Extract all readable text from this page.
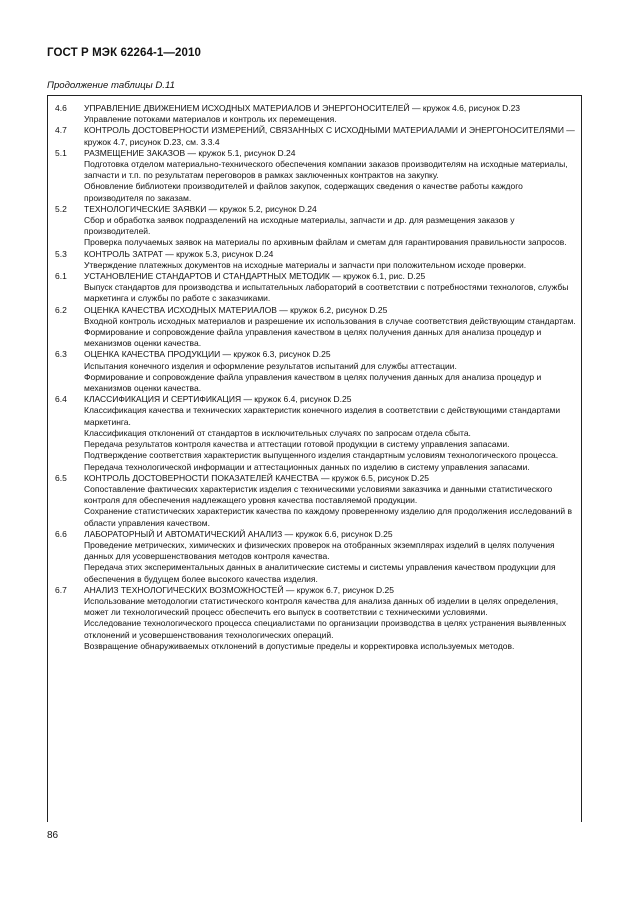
ГОСТ Р МЭК 62264-1—2010
Продолжение таблицы D.11
4.6	УПРАВЛЕНИЕ ДВИЖЕНИЕМ ИСХОДНЫХ МАТЕРИАЛОВ И ЭНЕРГОНОСИТЕЛЕЙ — кружок 4.6, рисунок D.23

Управление потоками материалов и контроль их перемещения.

4.7	КОНТРОЛЬ ДОСТОВЕРНОСТИ ИЗМЕРЕНИЙ, СВЯЗАННЫХ С ИСХОДНЫМИ МАТЕРИАЛАМИ И ЭНЕРГОНОСИТЕЛЯМИ — кружок 4.7, рисунок D.23, см. 3.3.4

5.1	РАЗМЕЩЕНИЕ ЗАКАЗОВ — кружок 5.1, рисунок D.24

Подготовка отделом материально-технического обеспечения компании заказов производителям на исходные материалы, запчасти и т.п. по результатам переговоров в рамках заключенных контрактов на закупку.

Обновление библиотеки производителей и файлов закупок, содержащих сведения о качестве работы каждого производителя по заказам.

5.2	ТЕХНОЛОГИЧЕСКИЕ ЗАЯВКИ — кружок 5.2, рисунок D.24

Сбор и обработка заявок подразделений на исходные материалы, запчасти и др. для размещения заказов у производителей.

Проверка получаемых заявок на материалы по архивным файлам и сметам для гарантирования правильности запросов.

5.3	КОНТРОЛЬ ЗАТРАТ — кружок 5.3, рисунок D.24

Утверждение платежных документов на исходные материалы и запчасти при положительном исходе проверки.

6.1	УСТАНОВЛЕНИЕ СТАНДАРТОВ И СТАНДАРТНЫХ МЕТОДИК — кружок 6.1, рис. D.25

Выпуск стандартов для производства и испытательных лабораторий в соответствии с потребностями технологов, службы маркетинга и службы по работе с заказчиками.

6.2	ОЦЕНКА КАЧЕСТВА ИСХОДНЫХ МАТЕРИАЛОВ — кружок 6.2, рисунок D.25

Входной контроль исходных материалов и разрешение их использования в случае соответствия действующим стандартам.

Формирование и сопровождение файла управления качеством в целях получения данных для анализа процедур и механизмов оценки качества.

6.3	ОЦЕНКА КАЧЕСТВА ПРОДУКЦИИ — кружок 6.3, рисунок D.25

Испытания конечного изделия и оформление результатов испытаний для службы аттестации.

Формирование и сопровождение файла управления качеством в целях получения данных для анализа процедур и механизмов оценки качества.

6.4	КЛАССИФИКАЦИЯ И СЕРТИФИКАЦИЯ — кружок 6.4, рисунок D.25

Классификация качества и технических характеристик конечного изделия в соответствии с действующими стандартами маркетинга.

Классификация отклонений от стандартов в исключительных случаях по запросам отдела сбыта.

Передача результатов контроля качества и аттестации готовой продукции в систему управления запасами.

Подтверждение соответствия характеристик выпущенного изделия стандартным условиям технологического процесса.

Передача технологической информации и аттестационных данных по изделию в систему управления запасами.

6.5	КОНТРОЛЬ ДОСТОВЕРНОСТИ ПОКАЗАТЕЛЕЙ КАЧЕСТВА — кружок 6.5, рисунок D.25

Сопоставление фактических характеристик изделия с техническими условиями заказчика и данными статистического контроля для обеспечения надлежащего уровня качества поставляемой продукции.

Сохранение статистических характеристик качества по каждому проверенному изделию для продолжения исследований в области управления качеством.

6.6	ЛАБОРАТОРНЫЙ И АВТОМАТИЧЕСКИЙ АНАЛИЗ — кружок 6.6, рисунок D.25

Проведение метрических, химических и физических проверок на отобранных экземплярах изделий в целях получения данных для усовершенствования методов контроля качества.

Передача этих экспериментальных данных в аналитические системы и системы управления качеством продукции для обеспечения в будущем более высокого качества изделия.

6.7	АНАЛИЗ ТЕХНОЛОГИЧЕСКИХ ВОЗМОЖНОСТЕЙ — кружок 6.7, рисунок D.25

Использование методологии статистического контроля качества для анализа данных об изделии в целях определения, может ли технологический процесс обеспечить его выпуск в соответствии с техническими условиями.

Исследование технологического процесса специалистами по организации производства в целях устранения выявленных отклонений и усовершенствования технологических операций.

Возвращение обнаруживаемых отклонений в допустимые пределы и корректировка используемых методов.

86
